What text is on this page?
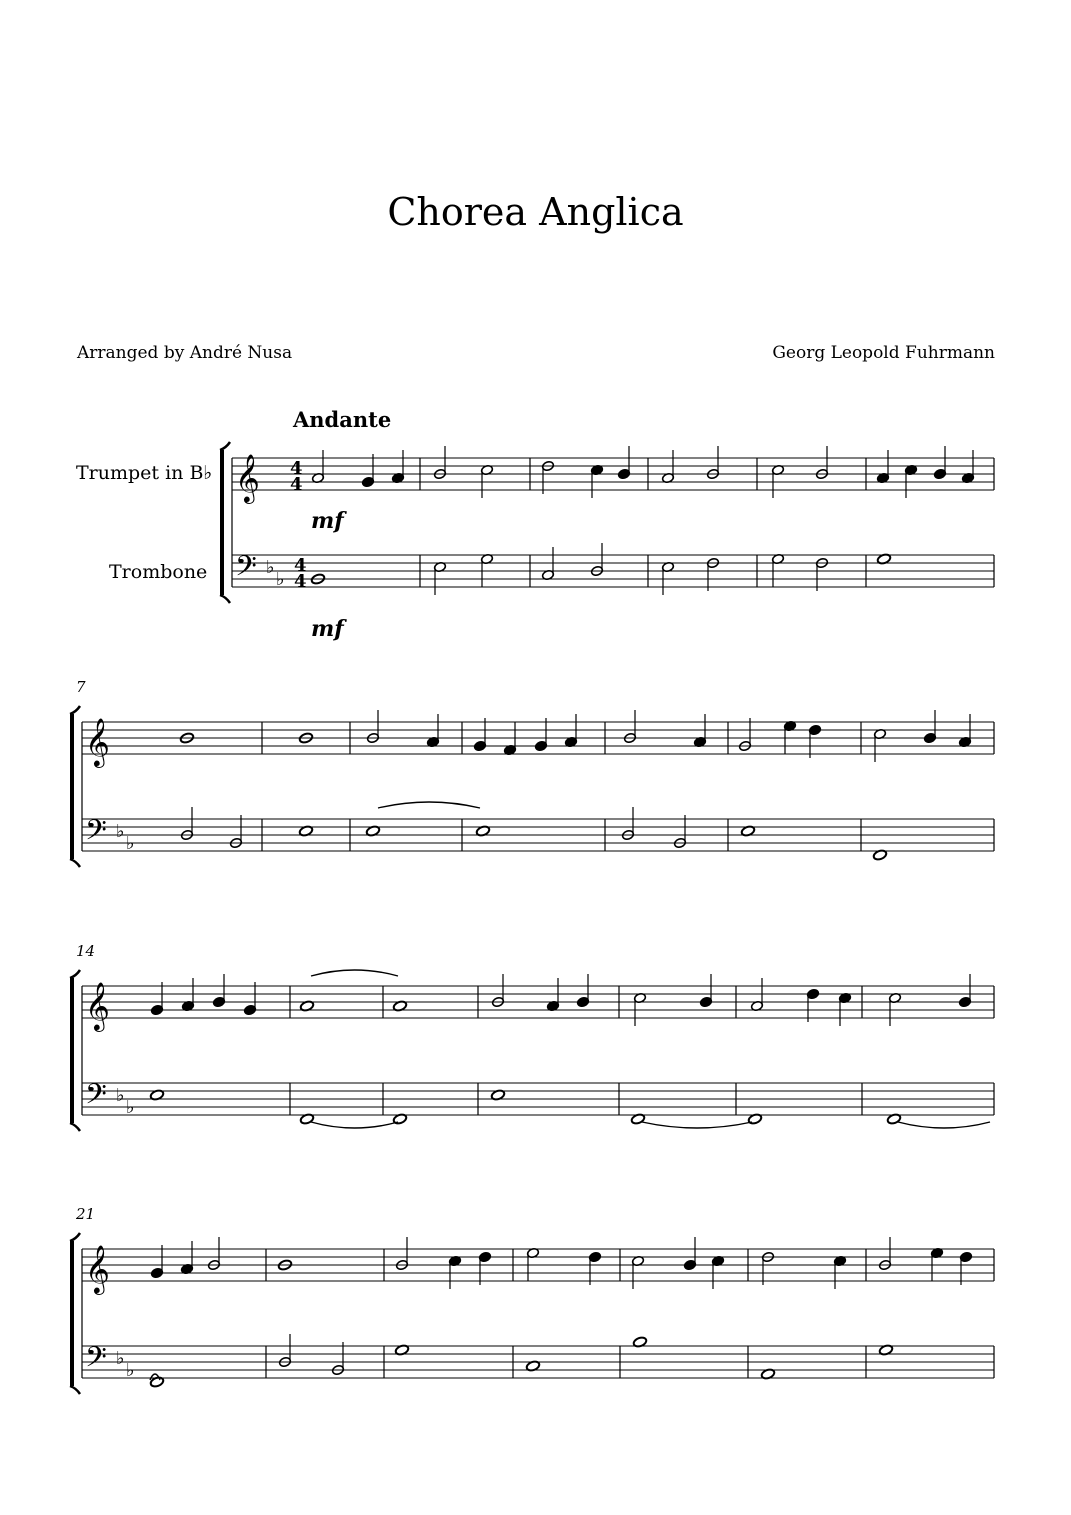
Chorea Anglica
Arranged by André Nusa	Georg Leopold Fuhrmann
Andante
Trumpet in B♭
Trombone
mf
mf
7
14
21
𝄞
𝄢 ♭
♭
4
4
4
4
𝄞
𝄢 ♭
♭
𝄞
𝄢 ♭
♭
𝄞
𝄢 ♭
♭
